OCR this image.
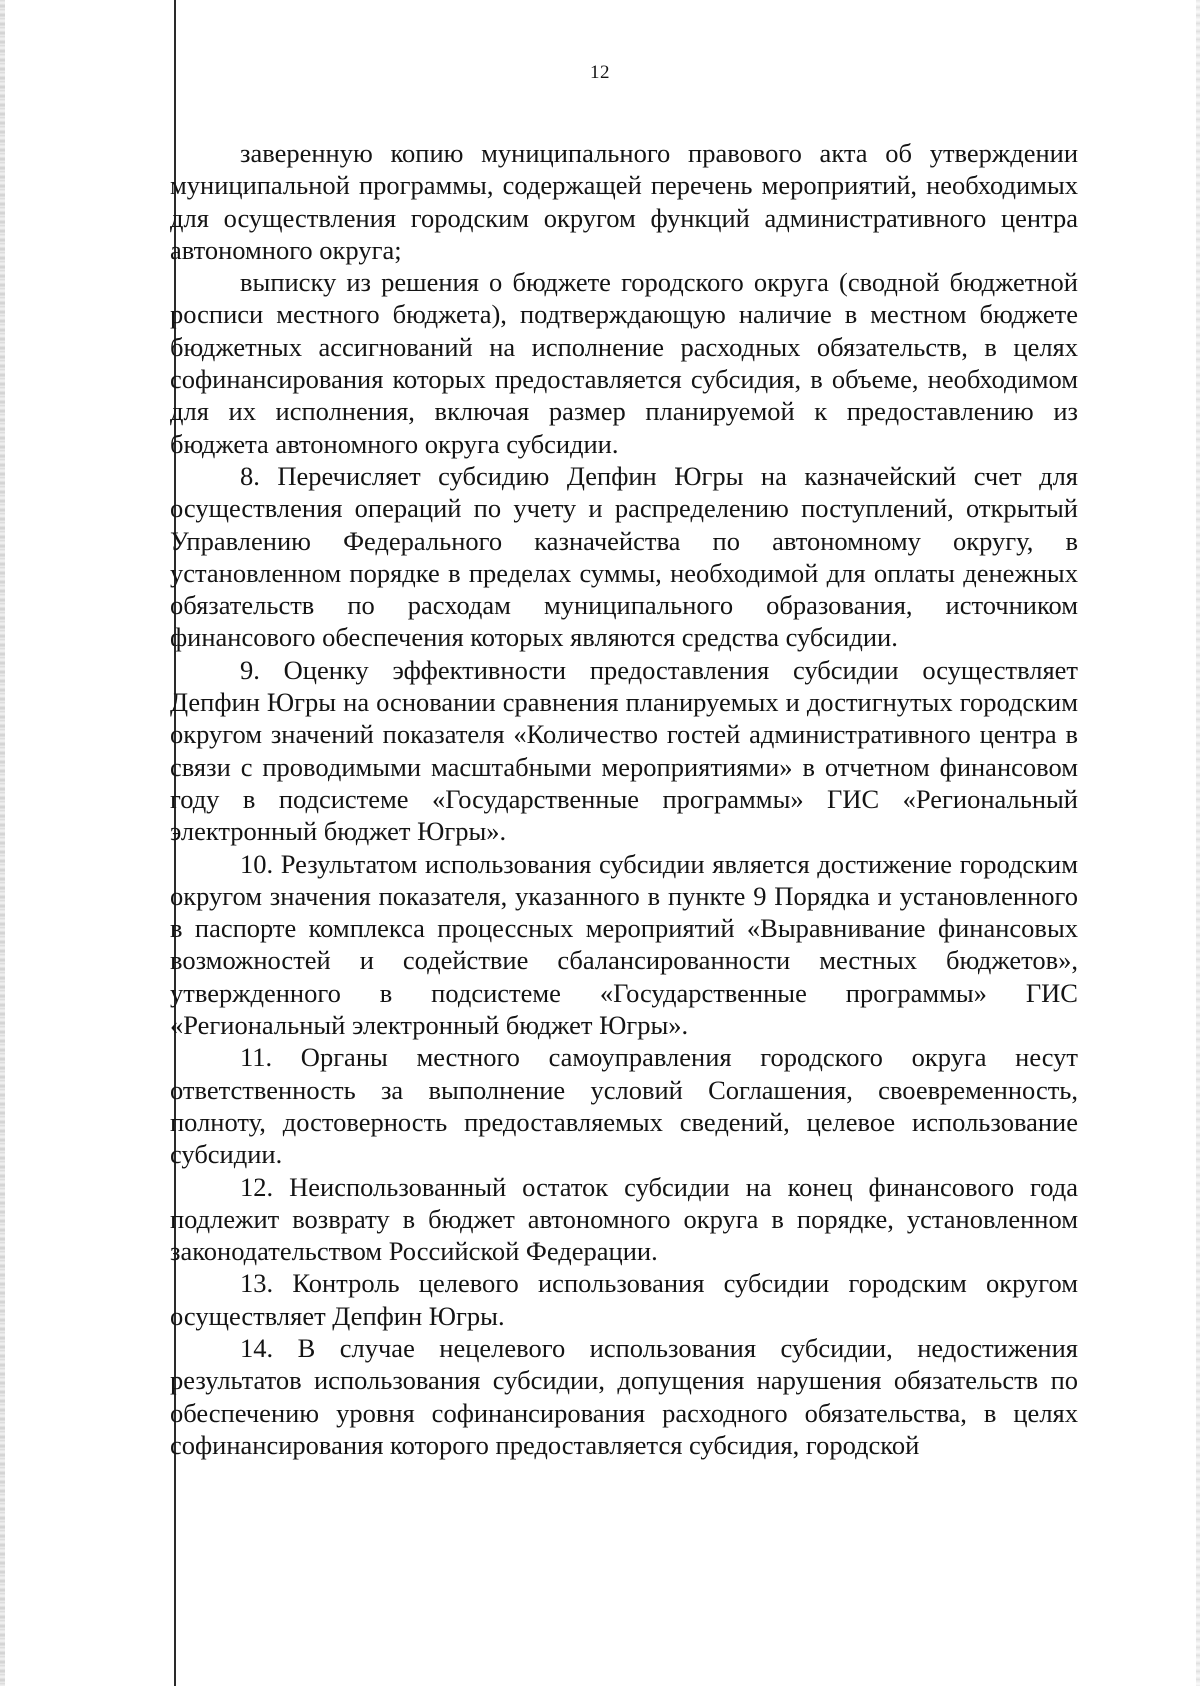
12

заверенную копию муниципального правового акта об утверждении муниципальной программы, содержащей перечень мероприятий, необходимых для осуществления городским округом функций административного центра автономного округа;

выписку из решения о бюджете городского округа (сводной бюджетной росписи местного бюджета), подтверждающую наличие в местном бюджете бюджетных ассигнований на исполнение расходных обязательств, в целях софинансирования которых предоставляется субсидия, в объеме, необходимом для их исполнения, включая размер планируемой к предоставлению из бюджета автономного округа субсидии.

8. Перечисляет субсидию Депфин Югры на казначейский счет для осуществления операций по учету и распределению поступлений, открытый Управлению Федерального казначейства по автономному округу, в установленном порядке в пределах суммы, необходимой для оплаты денежных обязательств по расходам муниципального образования, источником финансового обеспечения которых являются средства субсидии.

9. Оценку эффективности предоставления субсидии осуществляет Депфин Югры на основании сравнения планируемых и достигнутых городским округом значений показателя «Количество гостей административного центра в связи с проводимыми масштабными мероприятиями» в отчетном финансовом году в подсистеме «Государственные программы» ГИС «Региональный электронный бюджет Югры».

10. Результатом использования субсидии является достижение городским округом значения показателя, указанного в пункте 9 Порядка и установленного в паспорте комплекса процессных мероприятий «Выравнивание финансовых возможностей и содействие сбалансированности местных бюджетов», утвержденного в подсистеме «Государственные программы» ГИС «Региональный электронный бюджет Югры».

11. Органы местного самоуправления городского округа несут ответственность за выполнение условий Соглашения, своевременность, полноту, достоверность предоставляемых сведений, целевое использование субсидии.

12. Неиспользованный остаток субсидии на конец финансового года подлежит возврату в бюджет автономного округа в порядке, установленном законодательством Российской Федерации.

13. Контроль целевого использования субсидии городским округом осуществляет Депфин Югры.

14. В случае нецелевого использования субсидии, недостижения результатов использования субсидии, допущения нарушения обязательств по обеспечению уровня софинансирования расходного обязательства, в целях софинансирования которого предоставляется субсидия, городской
